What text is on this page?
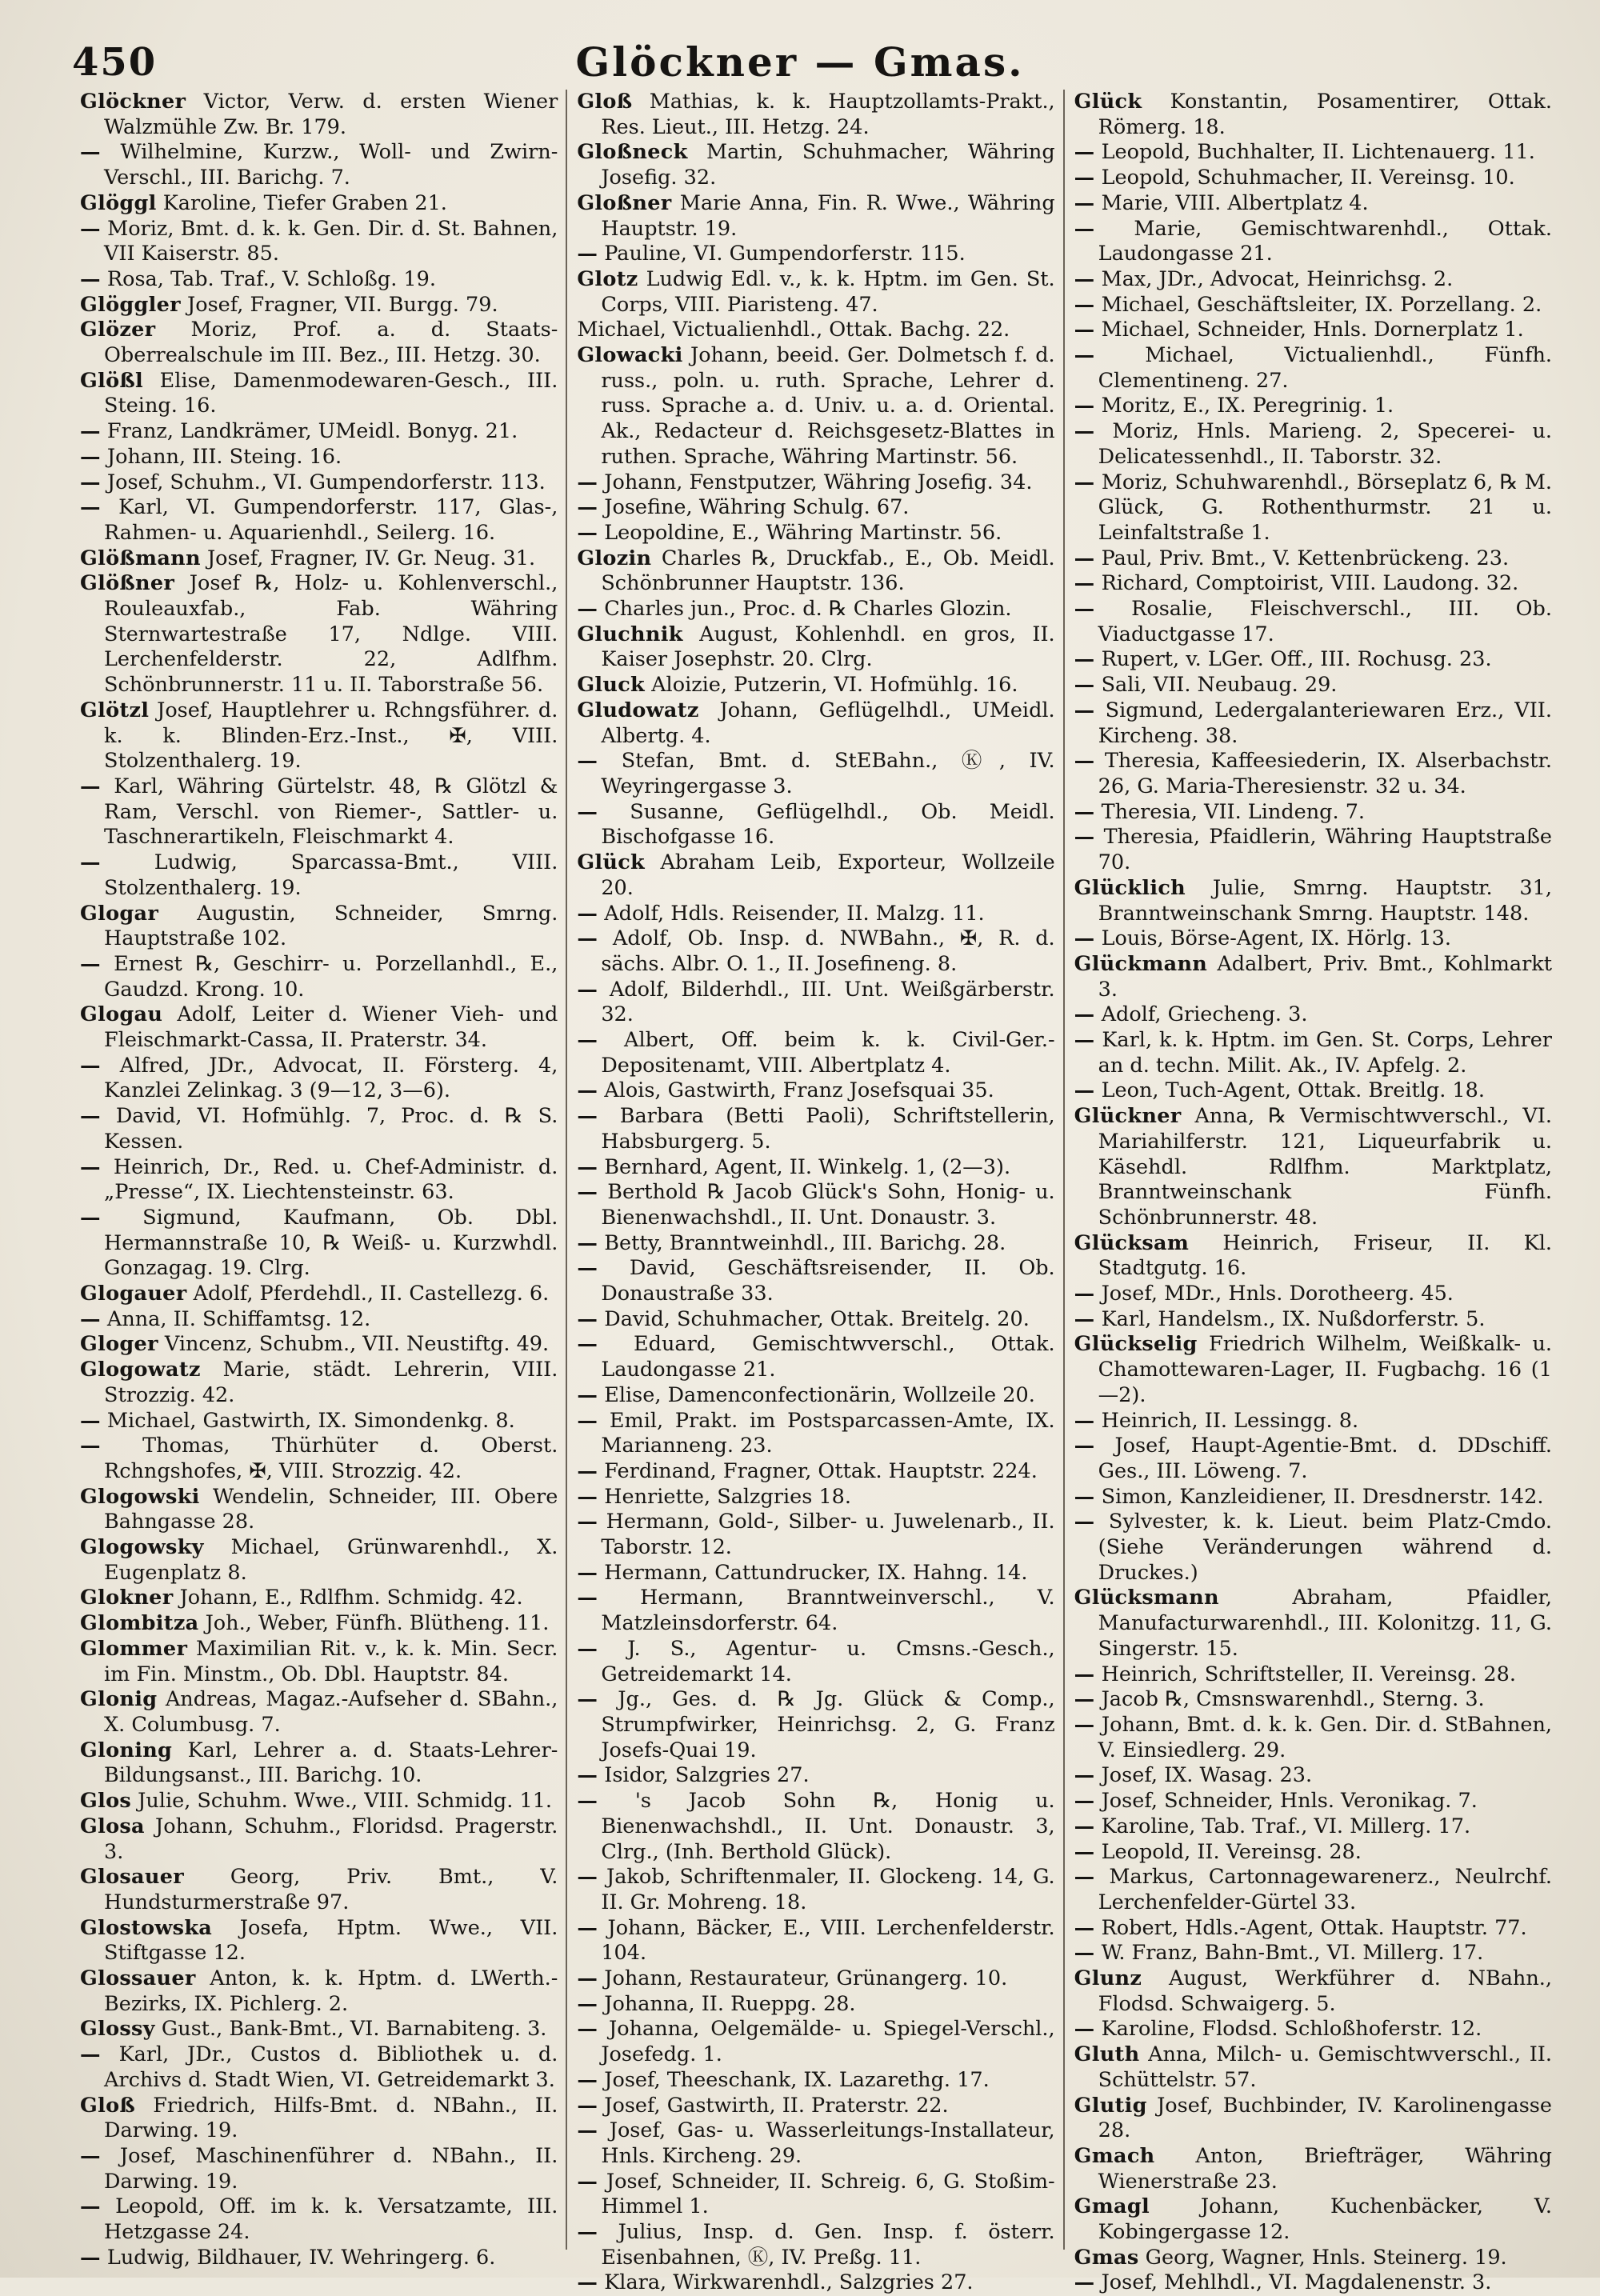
450	Glöckner — Gmas.

Glöckner Victor, Verw. d. ersten Wiener Walzmühle Zw. Br. 179.

— Wilhelmine, Kurzw., Woll- und Zwirn-Verschl., III. Barichg. 7.

Glöggl Karoline, Tiefer Graben 21.

— Moriz, Bmt. d. k. k. Gen. Dir. d. St. Bahnen, VII Kaiserstr. 85.

— Rosa, Tab. Traf., V. Schloßg. 19.

Glöggler Josef, Fragner, VII. Burgg. 79.

Glözer Moriz, Prof. a. d. Staats-Oberrealschule im III. Bez., III. Hetzg. 30.

Glößl Elise, Damenmodewaren-Gesch., III. Steing. 16.

— Franz, Landkrämer, UMeidl. Bonyg. 21.

— Johann, III. Steing. 16.

— Josef, Schuhm., VI. Gumpendorferstr. 113.

— Karl, VI. Gumpendorferstr. 117, Glas-, Rahmen- u. Aquarienhdl., Seilerg. 16.

Glößmann Josef, Fragner, IV. Gr. Neug. 31.

Glößner Josef ℞, Holz- u. Kohlenverschl., Rouleauxfab., Fab. Währing Sternwartestraße 17, Ndlge. VIII. Lerchenfelderstr. 22, Adlfhm. Schönbrunnerstr. 11 u. II. Taborstraße 56.

Glötzl Josef, Hauptlehrer u. Rchngsführer. d. k. k. Blinden-Erz.-Inst., ✠, VIII. Stolzenthalerg. 19.

— Karl, Währing Gürtelstr. 48, ℞ Glötzl & Ram, Verschl. von Riemer-, Sattler- u. Taschnerartikeln, Fleischmarkt 4.

—	Ludwig, Sparcassa-Bmt., VIII. Stolzenthalerg. 19.

Glogar Augustin, Schneider, Smrng. Hauptstraße 102.

— Ernest ℞, Geschirr- u. Porzellanhdl., E., Gaudzd. Krong. 10.

Glogau Adolf, Leiter d. Wiener Vieh- und Fleischmarkt-Cassa, II. Praterstr. 34.

— Alfred, JDr., Advocat, II. Försterg. 4, Kanzlei Zelinkag. 3 (9—12, 3—6).

— David, VI. Hofmühlg. 7, Proc. d. ℞ S. Kessen.

— Heinrich, Dr., Red. u. Chef-Administr. d. „Presse“, IX. Liechtensteinstr. 63.

— Sigmund, Kaufmann, Ob. Dbl. Hermannstraße 10, ℞ Weiß- u. Kurzwhdl. Gonzagag. 19. Clrg.

Glogauer Adolf, Pferdehdl., II. Castellezg. 6.

— Anna, II. Schiffamtsg. 12.

Gloger Vincenz, Schubm., VII. Neustiftg. 49.

Glogowatz Marie, städt. Lehrerin, VIII. Strozzig. 42.

— Michael, Gastwirth, IX. Simondenkg. 8.

— Thomas, Thürhüter d. Oberst. Rchngshofes, ✠, VIII. Strozzig. 42.

Glogowski Wendelin, Schneider, III. Obere Bahngasse 28.

Glogowsky Michael, Grünwarenhdl., X. Eugenplatz 8.

Glokner Johann, E., Rdlfhm. Schmidg. 42.

Glombitza Joh., Weber, Fünfh. Blütheng. 11.

Glommer Maximilian Rit. v., k. k. Min. Secr. im Fin. Minstm., Ob. Dbl. Hauptstr. 84.

Glonig Andreas, Magaz.-Aufseher d. SBahn., X. Columbusg. 7.

Gloning Karl, Lehrer a. d. Staats-Lehrer-Bildungsanst., III. Barichg. 10.

Glos Julie, Schuhm. Wwe., VIII. Schmidg. 11.

Glosa Johann, Schuhm., Floridsd. Pragerstr. 3.

Glosauer Georg, Priv. Bmt., V. Hundsturmerstraße 97.

Glostowska Josefa, Hptm. Wwe., VII. Stiftgasse 12.

Glossauer Anton, k. k. Hptm. d. LWerth.-Bezirks, IX. Pichlerg. 2.

Glossy Gust., Bank-Bmt., VI. Barnabiteng. 3.

— Karl, JDr., Custos d. Bibliothek u. d. Archivs d. Stadt Wien, VI. Getreidemarkt 3.

Gloß Friedrich, Hilfs-Bmt. d. NBahn., II. Darwing. 19.

— Josef, Maschinenführer d. NBahn., II. Darwing. 19.

— Leopold, Off. im k. k. Versatzamte, III. Hetzgasse 24.

— Ludwig, Bildhauer, IV. Wehringerg. 6.

Gloß Mathias, k. k. Hauptzollamts-Prakt., Res. Lieut., III. Hetzg. 24.

Gloßneck Martin, Schuhmacher, Währing Josefig. 32.

Gloßner Marie Anna, Fin. R. Wwe., Währing Hauptstr. 19.

— Pauline, VI. Gumpendorferstr. 115.

Glotz Ludwig Edl. v., k. k. Hptm. im Gen. St. Corps, VIII. Piaristeng. 47.

Michael, Victualienhdl., Ottak. Bachg. 22.

Glowacki Johann, beeid. Ger. Dolmetsch f. d. russ., poln. u. ruth. Sprache, Lehrer d. russ. Sprache a. d. Univ. u. a. d. Oriental. Ak., Redacteur d. Reichsgesetz-Blattes in ruthen. Sprache, Währing Martinstr. 56.

— Johann, Fenstputzer, Währing Josefig. 34.

— Josefine, Währing Schulg. 67.

— Leopoldine, E., Währing Martinstr. 56.

Glozin Charles ℞, Druckfab., E., Ob. Meidl. Schönbrunner Hauptstr. 136.

— Charles jun., Proc. d. ℞ Charles Glozin.

Gluchnik August, Kohlenhdl. en gros, II. Kaiser Josephstr. 20. Clrg.

Gluck Aloizie, Putzerin, VI. Hofmühlg. 16.

Gludowatz Johann, Geflügelhdl., UMeidl. Albertg. 4.

— Stefan, Bmt. d. StEBahn., Ⓚ, IV. Weyringergasse 3.

— Susanne, Geflügelhdl., Ob. Meidl. Bischofgasse 16.

Glück Abraham Leib, Exporteur, Wollzeile 20.

— Adolf, Hdls. Reisender, II. Malzg. 11.

— Adolf, Ob. Insp. d. NWBahn., ✠, R. d. sächs. Albr. O. 1., II. Josefineng. 8.

— Adolf, Bilderhdl., III. Unt. Weißgärberstr. 32.

— Albert, Off. beim k. k. Civil-Ger.-Depositenamt, VIII. Albertplatz 4.

— Alois, Gastwirth, Franz Josefsquai 35.

— Barbara (Betti Paoli), Schriftstellerin, Habsburgerg. 5.

— Bernhard, Agent, II. Winkelg. 1, (2—3).

— Berthold ℞ Jacob Glück's Sohn, Honig- u. Bienenwachshdl., II. Unt. Donaustr. 3.

— Betty, Branntweinhdl., III. Barichg. 28.

— David, Geschäftsreisender, II. Ob. Donaustraße 33.

— David, Schuhmacher, Ottak. Breitelg. 20.

— Eduard, Gemischtwverschl., Ottak. Laudongasse 21.

— Elise, Damenconfectionärin, Wollzeile 20.

— Emil, Prakt. im Postsparcassen-Amte, IX. Marianneng. 23.

— Ferdinand, Fragner, Ottak. Hauptstr. 224.

— Henriette, Salzgries 18.

— Hermann, Gold-, Silber- u. Juwelenarb., II. Taborstr. 12.

— Hermann, Cattundrucker, IX. Hahng. 14.

— Hermann, Branntweinverschl., V. Matzleinsdorferstr. 64.

— J. S., Agentur- u. Cmsns.-Gesch., Getreidemarkt 14.

— Jg., Ges. d. ℞ Jg. Glück & Comp., Strumpfwirker, Heinrichsg. 2, G. Franz Josefs-Quai 19.

— Isidor, Salzgries 27.

— 's Jacob Sohn ℞, Honig u. Bienenwachshdl., II. Unt. Donaustr. 3, Clrg., (Inh. Berthold Glück).

— Jakob, Schriftenmaler, II. Glockeng. 14, G. II. Gr. Mohreng. 18.

— Johann, Bäcker, E., VIII. Lerchenfelderstr. 104.

— Johann, Restaurateur, Grünangerg. 10.

— Johanna, II. Rueppg. 28.

— Johanna, Oelgemälde- u. Spiegel-Verschl., Josefedg. 1.

— Josef, Theeschank, IX. Lazarethg. 17.

— Josef, Gastwirth, II. Praterstr. 22.

— Josef, Gas- u. Wasserleitungs-Installateur, Hnls. Kircheng. 29.

— Josef, Schneider, II. Schreig. 6, G. Stoßim-Himmel 1.

— Julius, Insp. d. Gen. Insp. f. österr. Eisenbahnen, Ⓚ, IV. Preßg. 11.

— Klara, Wirkwarenhdl., Salzgries 27.

Glück Konstantin, Posamentirer, Ottak. Römerg. 18.

— Leopold, Buchhalter, II. Lichtenauerg. 11.

— Leopold, Schuhmacher, II. Vereinsg. 10.

— Marie, VIII. Albertplatz 4.

— Marie, Gemischtwarenhdl., Ottak. Laudongasse 21.

— Max, JDr., Advocat, Heinrichsg. 2.

— Michael, Geschäftsleiter, IX. Porzellang. 2.

— Michael, Schneider, Hnls. Dornerplatz 1.

— Michael, Victualienhdl., Fünfh. Clementineng. 27.

— Moritz, E., IX. Peregrinig. 1.

— Moriz, Hnls. Marieng. 2, Specerei- u. Delicatessenhdl., II. Taborstr. 32.

— Moriz, Schuhwarenhdl., Börseplatz 6, ℞ M. Glück, G. Rothenthurmstr. 21 u. Leinfaltstraße 1.

— Paul, Priv. Bmt., V. Kettenbrückeng. 23.

— Richard, Comptoirist, VIII. Laudong. 32.

— Rosalie, Fleischverschl., III. Ob. Viaductgasse 17.

— Rupert, v. LGer. Off., III. Rochusg. 23.

— Sali, VII. Neubaug. 29.

— Sigmund, Ledergalanteriewaren Erz., VII. Kircheng. 38.

— Theresia, Kaffeesiederin, IX. Alserbachstr. 26, G. Maria-Theresienstr. 32 u. 34.

— Theresia, VII. Lindeng. 7.

— Theresia, Pfaidlerin, Währing Hauptstraße 70.

Glücklich Julie, Smrng. Hauptstr. 31, Branntweinschank Smrng. Hauptstr. 148.

— Louis, Börse-Agent, IX. Hörlg. 13.

Glückmann Adalbert, Priv. Bmt., Kohlmarkt 3.

— Adolf, Griecheng. 3.

— Karl, k. k. Hptm. im Gen. St. Corps, Lehrer an d. techn. Milit. Ak., IV. Apfelg. 2.

— Leon, Tuch-Agent, Ottak. Breitlg. 18.

Glückner Anna, ℞ Vermischtwverschl., VI. Mariahilferstr. 121, Liqueurfabrik u. Käsehdl. Rdlfhm. Marktplatz, Branntweinschank Fünfh. Schönbrunnerstr. 48.

Glücksam Heinrich, Friseur, II. Kl. Stadtgutg. 16.

— Josef, MDr., Hnls. Dorotheerg. 45.

— Karl, Handelsm., IX. Nußdorferstr. 5.

Glückselig Friedrich Wilhelm, Weißkalk- u. Chamottewaren-Lager, II. Fugbachg. 16 (1—2).

— Heinrich, II. Lessingg. 8.

— Josef, Haupt-Agentie-Bmt. d. DDschiff. Ges., III. Löweng. 7.

— Simon, Kanzleidiener, II. Dresdnerstr. 142.

— Sylvester, k. k. Lieut. beim Platz-Cmdo. (Siehe Veränderungen während d. Druckes.)

Glücksmann	Abraham, Pfaidler, Manufacturwarenhdl., III. Kolonitzg. 11, G. Singerstr. 15.

— Heinrich, Schriftsteller, II. Vereinsg. 28.

— Jacob ℞, Cmsnswarenhdl., Sterng. 3.

— Johann, Bmt. d. k. k. Gen. Dir. d. StBahnen, V. Einsiedlerg. 29.

— Josef, IX. Wasag. 23.

— Josef, Schneider, Hnls. Veronikag. 7.

— Karoline, Tab. Traf., VI. Millerg. 17.

— Leopold, II. Vereinsg. 28.

— Markus, Cartonnagewarenerz., Neulrchf. Lerchenfelder-Gürtel 33.

— Robert, Hdls.-Agent, Ottak. Hauptstr. 77.

— W. Franz, Bahn-Bmt., VI. Millerg. 17.

Glunz August, Werkführer d. NBahn., Flodsd. Schwaigerg. 5.

— Karoline, Flodsd. Schloßhoferstr. 12.

Gluth Anna, Milch- u. Gemischtwverschl., II. Schüttelstr. 57.

Glutig Josef, Buchbinder, IV. Karolinengasse 28.

Gmach Anton, Briefträger, Währing Wienerstraße 23.

Gmagl	Johann, Kuchenbäcker, V. Kobingergasse 12.

Gmas Georg, Wagner, Hnls. Steinerg. 19.

— Josef, Mehlhdl., VI. Magdalenenstr. 3.
